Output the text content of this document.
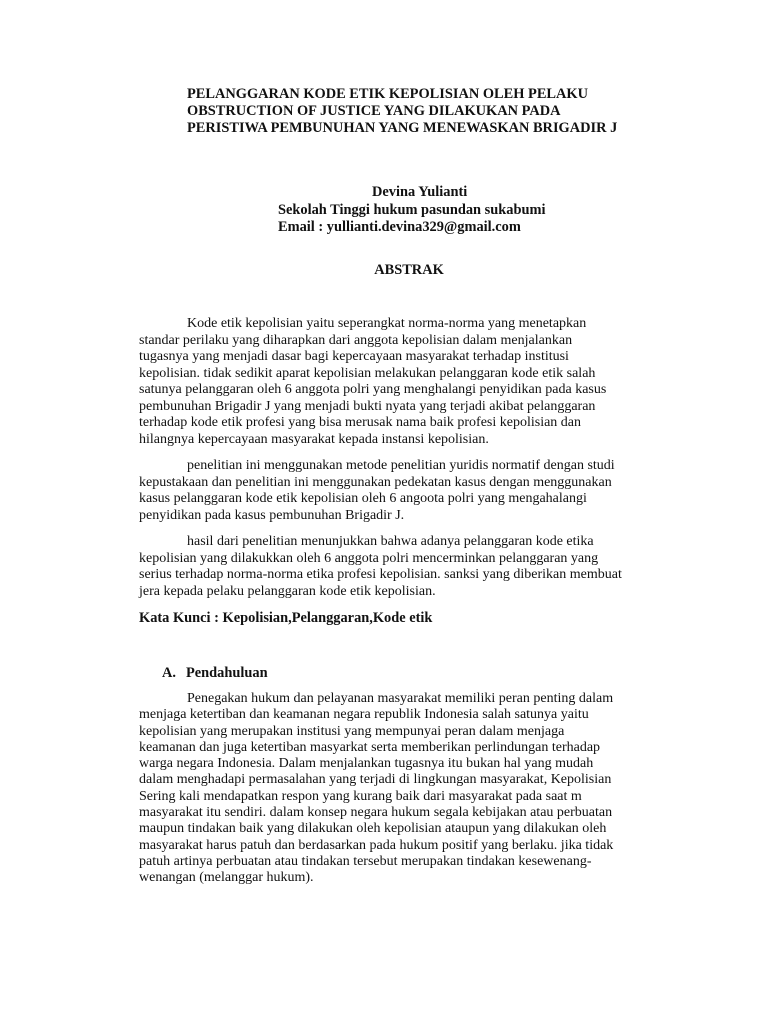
PELANGGARAN KODE ETIK KEPOLISIAN OLEH PELAKU
OBSTRUCTION OF JUSTICE YANG DILAKUKAN PADA
PERISTIWA PEMBUNUHAN YANG MENEWASKAN BRIGADIR J
Devina Yulianti
Sekolah Tinggi hukum pasundan sukabumi
Email : yullianti.devina329@gmail.com
ABSTRAK

Kode etik kepolisian yaitu seperangkat norma-norma yang menetapkan
standar perilaku yang diharapkan dari anggota kepolisian dalam menjalankan
tugasnya yang menjadi dasar bagi kepercayaan masyarakat terhadap institusi
kepolisian. tidak sedikit aparat kepolisian melakukan pelanggaran kode etik salah
satunya pelanggaran oleh 6 anggota polri yang menghalangi penyidikan pada kasus
pembunuhan Brigadir J yang menjadi bukti nyata yang terjadi akibat pelanggaran
terhadap kode etik profesi yang bisa merusak nama baik profesi kepolisian dan
hilangnya kepercayaan masyarakat kepada instansi kepolisian.

penelitian ini menggunakan metode penelitian yuridis normatif dengan studi
kepustakaan dan penelitian ini menggunakan pedekatan kasus dengan menggunakan
kasus pelanggaran kode etik kepolisian oleh 6 angoota polri yang mengahalangi
penyidikan pada kasus pembunuhan Brigadir J.

hasil dari penelitian menunjukkan bahwa adanya pelanggaran kode etika
kepolisian yang dilakukkan oleh 6 anggota polri mencerminkan pelanggaran yang
serius terhadap norma-norma etika profesi kepolisian. sanksi yang diberikan membuat
jera kepada pelaku pelanggaran kode etik kepolisian.

Kata Kunci : Kepolisian,Pelanggaran,Kode etik

A. Pendahuluan
Penegakan hukum dan pelayanan masyarakat memiliki peran penting dalam
menjaga ketertiban dan keamanan negara republik Indonesia salah satunya yaitu
kepolisian yang merupakan institusi yang mempunyai peran dalam menjaga
keamanan dan juga ketertiban masyarkat serta memberikan perlindungan terhadap
warga negara Indonesia. Dalam menjalankan tugasnya itu bukan hal yang mudah
dalam menghadapi permasalahan yang terjadi di lingkungan masyarakat, Kepolisian
Sering kali mendapatkan respon yang kurang baik dari masyarakat pada saat m
masyarakat itu sendiri. dalam konsep negara hukum segala kebijakan atau perbuatan
maupun tindakan baik yang dilakukan oleh kepolisian ataupun yang dilakukan oleh
masyarakat harus patuh dan berdasarkan pada hukum positif yang berlaku. jika tidak
patuh artinya perbuatan atau tindakan tersebut merupakan tindakan kesewenang-
wenangan (melanggar hukum).
